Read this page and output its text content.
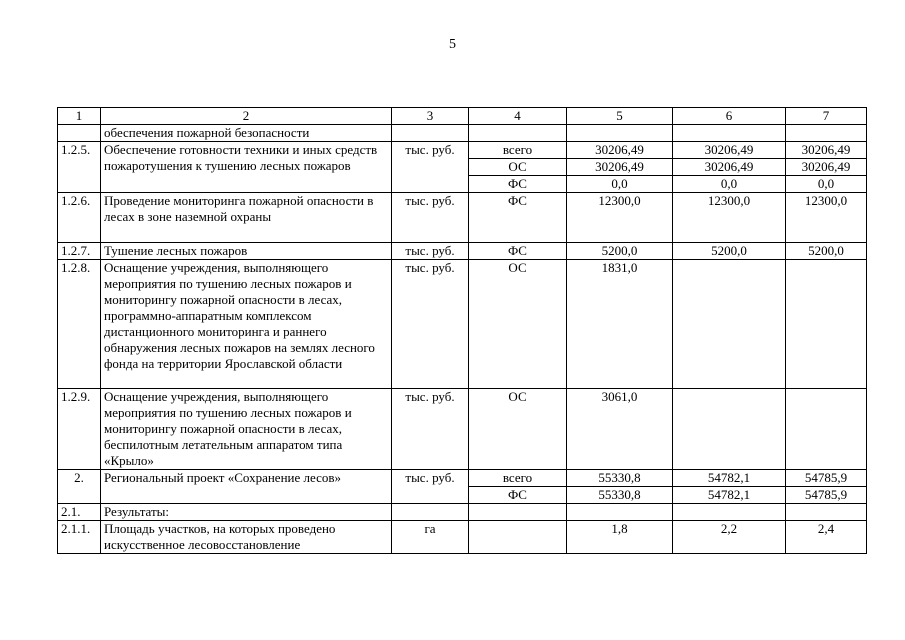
5
1	2	3	4	5	6	7
	обеспечения пожарной безопасности					
1.2.5.	Обеспечение готовности техники и иных средств пожаротушения к тушению лесных пожаров	тыс. руб.	всего	30206,49	30206,49	30206,49
			ОС	30206,49	30206,49	30206,49
			ФС	0,0	0,0	0,0
1.2.6.	Проведение мониторинга пожарной опасности в лесах в зоне наземной охраны	тыс. руб.	ФС	12300,0	12300,0	12300,0
1.2.7.	Тушение лесных пожаров	тыс. руб.	ФС	5200,0	5200,0	5200,0
1.2.8.	Оснащение учреждения, выполняющего мероприятия по тушению лесных пожаров и мониторингу пожарной опасности в лесах, программно-аппаратным комплексом дистанционного мониторинга и раннего обнаружения лесных пожаров на землях лесного фонда на территории Ярославской области	тыс. руб.	ОС	1831,0		
1.2.9.	Оснащение учреждения, выполняющего мероприятия по тушению лесных пожаров и мониторингу пожарной опасности в лесах, беспилотным летательным аппаратом типа «Крыло»	тыс. руб.	ОС	3061,0		
2.	Региональный проект «Сохранение лесов»	тыс. руб.	всего	55330,8	54782,1	54785,9
			ФС	55330,8	54782,1	54785,9
2.1.	Результаты:					
2.1.1.	Площадь участков, на которых проведено искусственное лесовосстановление	га		1,8	2,2	2,4
